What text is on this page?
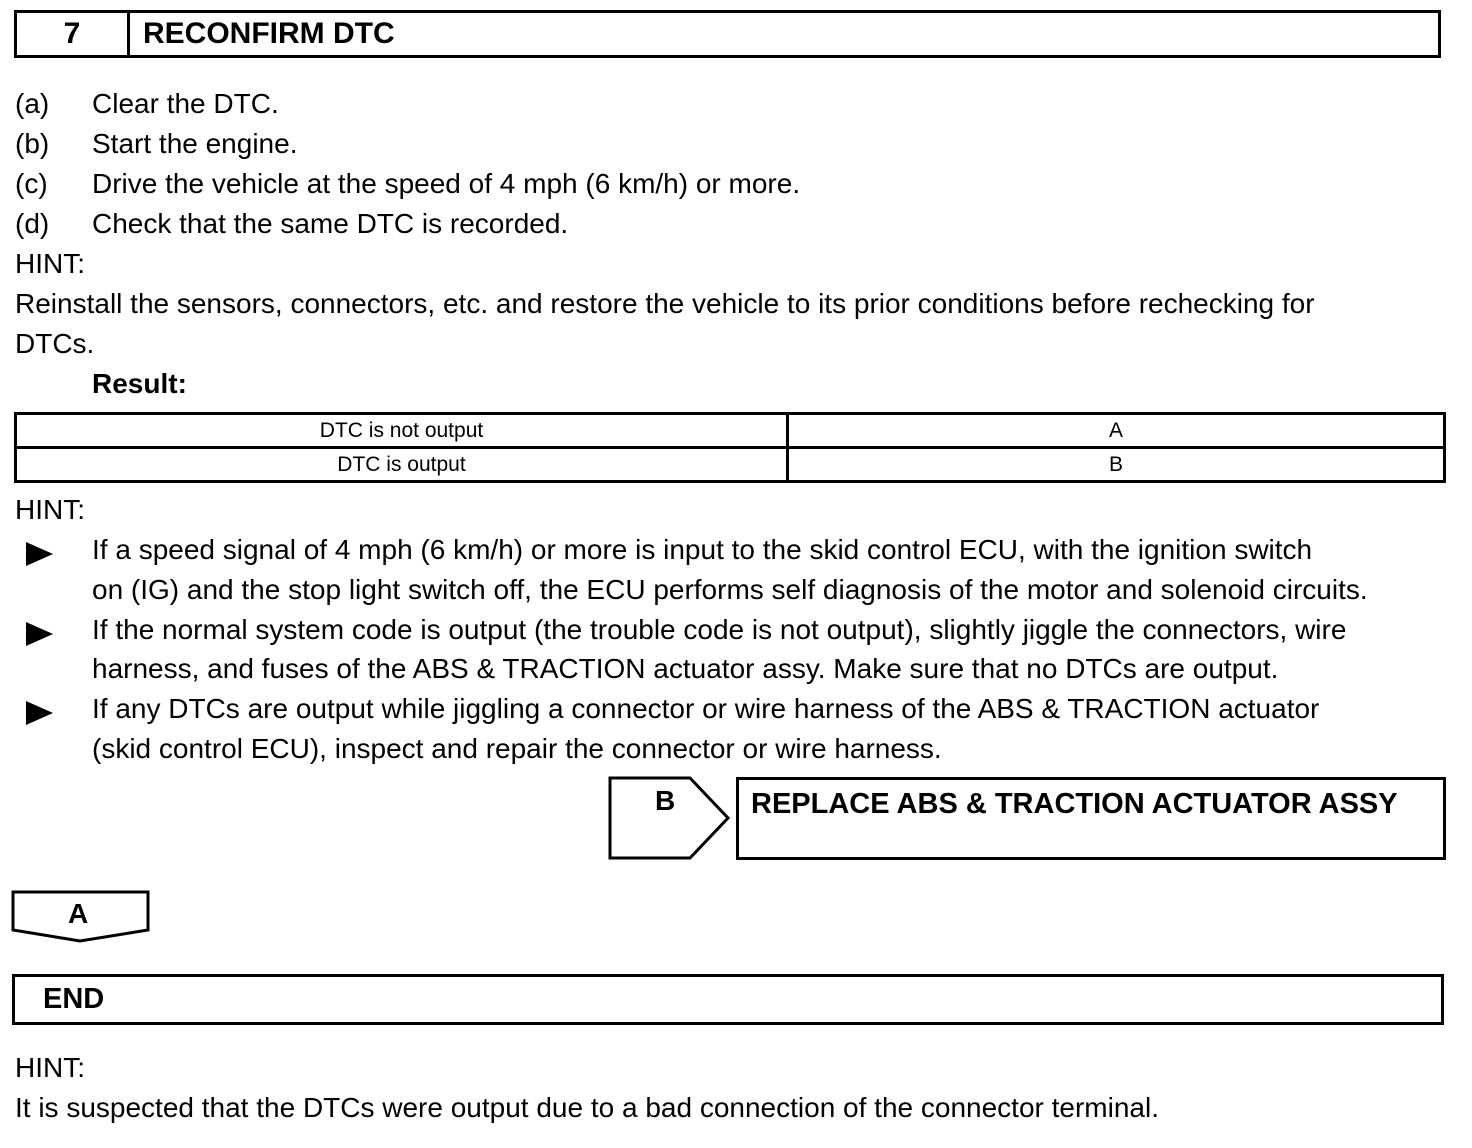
7	RECONFIRM DTC
(a) Clear the DTC.
(b) Start the engine.
(c) Drive the vehicle at the speed of 4 mph (6 km/h) or more.
(d) Check that the same DTC is recorded.
HINT:
Reinstall the sensors, connectors, etc. and restore the vehicle to its prior conditions before rechecking for
DTCs.
Result:
DTC is not output	A
DTC is output	B
HINT:
If a speed signal of 4 mph (6 km/h) or more is input to the skid control ECU, with the ignition switch
on (IG) and the stop light switch off, the ECU performs self diagnosis of the motor and solenoid circuits.
If the normal system code is output (the trouble code is not output), slightly jiggle the connectors, wire
harness, and fuses of the ABS & TRACTION actuator assy. Make sure that no DTCs are output.
If any DTCs are output while jiggling a connector or wire harness of the ABS & TRACTION actuator
(skid control ECU), inspect and repair the connector or wire harness.
B	REPLACE ABS & TRACTION ACTUATOR ASSY
A
END
HINT:
It is suspected that the DTCs were output due to a bad connection of the connector terminal.
